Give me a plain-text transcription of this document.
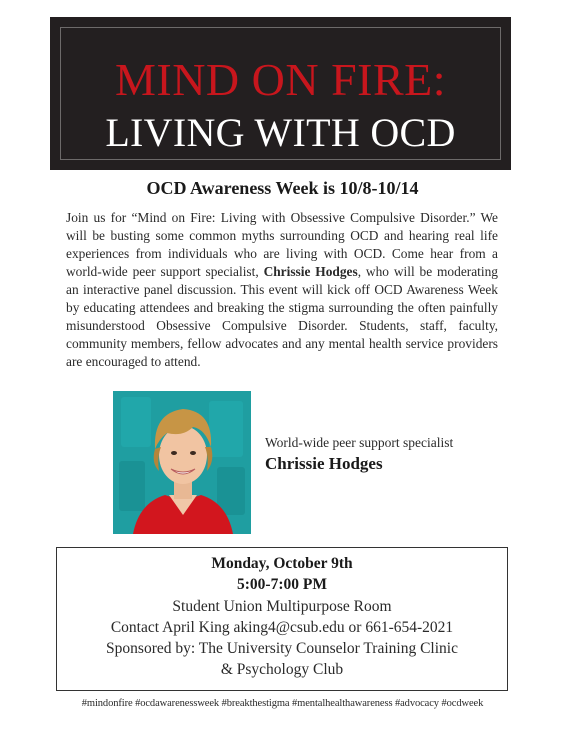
MIND ON FIRE:
LIVING WITH OCD
OCD Awareness Week is 10/8-10/14
Join us for “Mind on Fire: Living with Obsessive Compulsive Disorder.” We will be busting some common myths surrounding OCD and hearing real life experiences from individuals who are living with OCD. Come hear from a world-wide peer support specialist, Chrissie Hodges, who will be moderating an interactive panel discussion. This event will kick off OCD Awareness Week by educating attendees and breaking the stigma surrounding the often painfully misunderstood Obsessive Compulsive Disorder. Students, staff, faculty, community members, fellow advocates and any mental health service providers are encouraged to attend.
World-wide peer support specialist
Chrissie Hodges
Monday, October 9th
5:00-7:00 PM
Student Union Multipurpose Room
Contact April King aking4@csub.edu or 661-654-2021
Sponsored by: The University Counselor Training Clinic
& Psychology Club
#mindonfire #ocdawarenessweek #breakthestigma #mentalhealthawareness #advocacy #ocdweek
